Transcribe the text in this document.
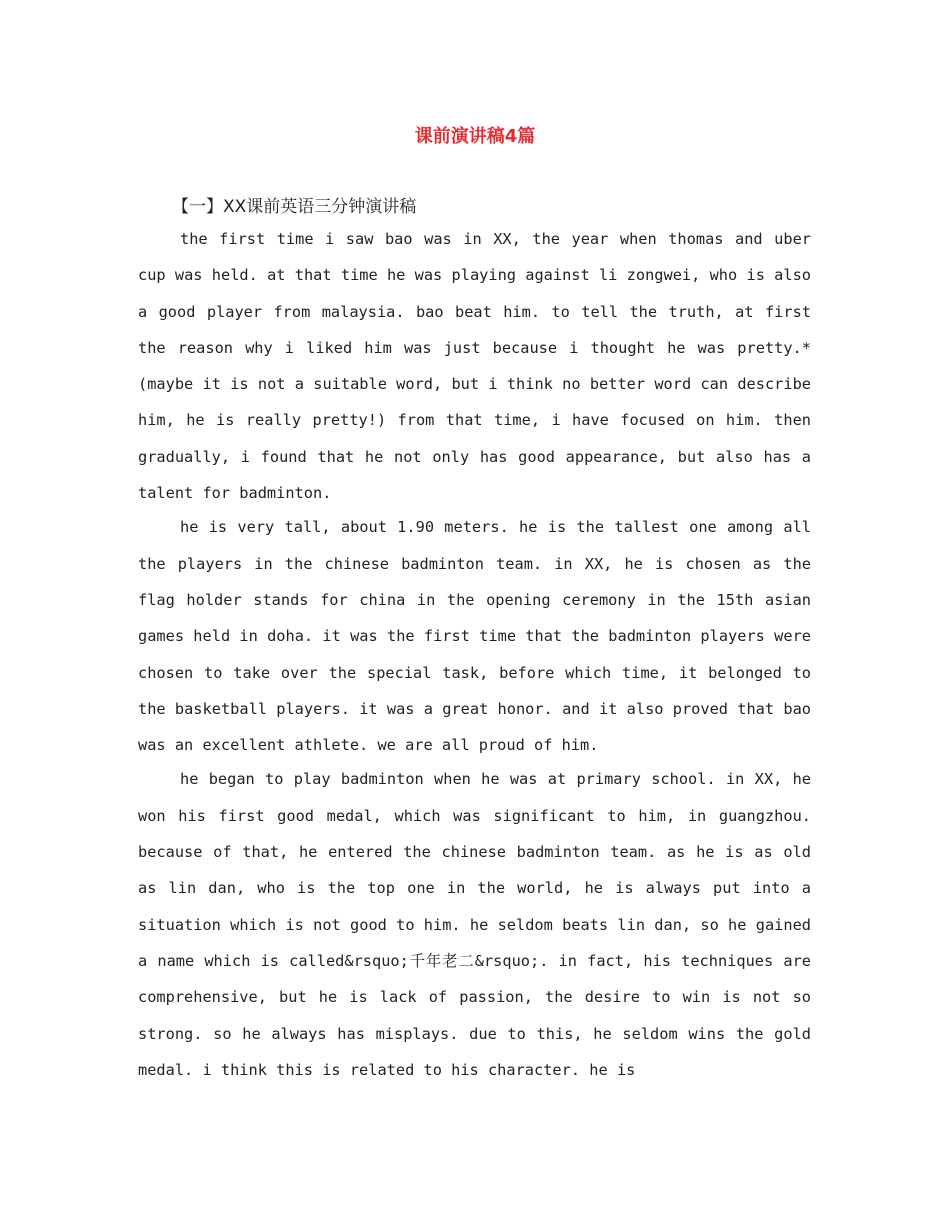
课前演讲稿4篇

【一】XX课前英语三分钟演讲稿

the first time i saw bao was in XX, the year when thomas and uber cup was held. at that time he was playing against li zongwei, who is also a good player from malaysia. bao beat him. to tell the truth, at first the reason why i liked him was just because i thought he was pretty.*(maybe it is not a suitable word, but i think no better word can describe him, he is really pretty!) from that time, i have focused on him. then gradually, i found that he not only has good appearance, but also has a talent for badminton.

he is very tall, about 1.90 meters. he is the tallest one among all the players in the chinese badminton team. in XX, he is chosen as the flag holder stands for china in the opening ceremony in the 15th asian games held in doha. it was the first time that the badminton players were chosen to take over the special task, before which time, it belonged to the basketball players. it was a great honor. and it also proved that bao was an excellent athlete. we are all proud of him.

he began to play badminton when he was at primary school. in XX, he won his first good medal, which was significant to him, in guangzhou. because of that, he entered the chinese badminton team. as he is as old as lin dan, who is the top one in the world, he is always put into a situation which is not good to him. he seldom beats lin dan, so he gained a name which is called&rsquo;千年老二&rsquo;. in fact, his techniques are comprehensive, but he is lack of passion, the desire to win is not so strong. so he always has misplays. due to this, he seldom wins the gold medal. i think this is related to his character. he is
